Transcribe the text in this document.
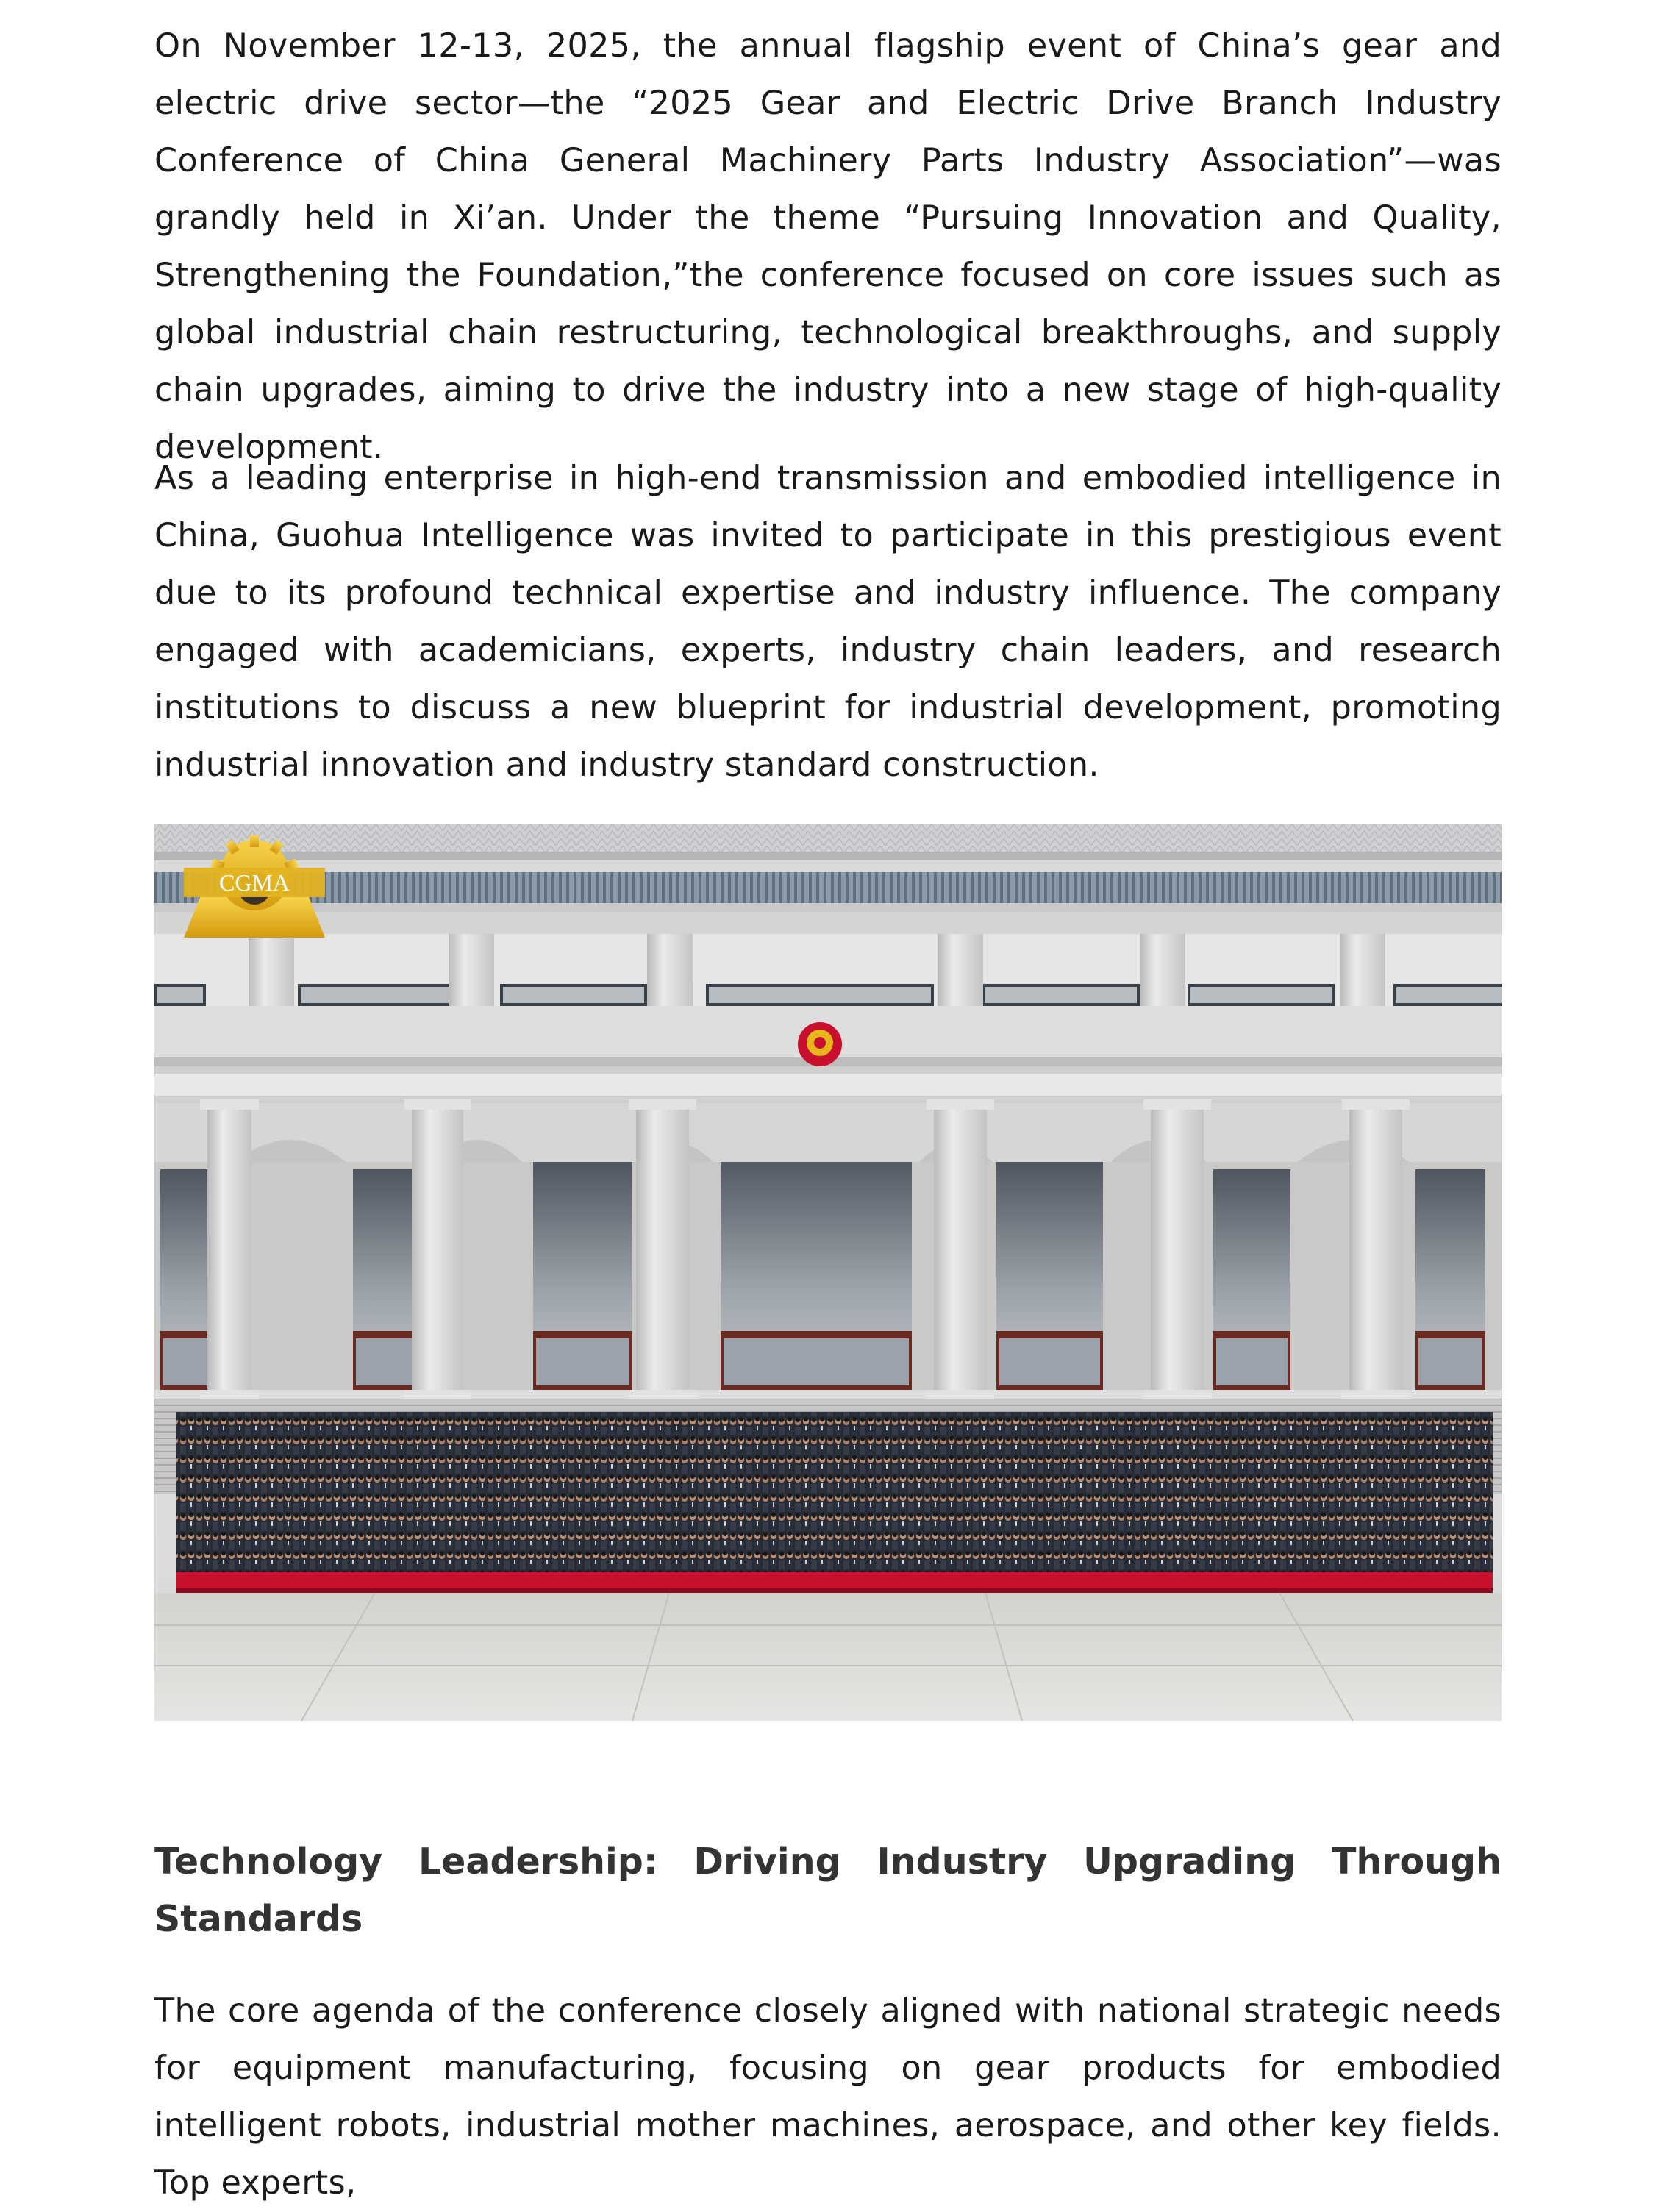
On November 12-13, 2025, the annual flagship event of China’s gear and electric drive sector—the “2025 Gear and Electric Drive Branch Industry Conference of China General Machinery Parts Industry Association”—was grandly held in Xi’an. Under the theme “Pursuing Innovation and Quality, Strengthening the Foundation,”the conference focused on core issues such as global industrial chain restructuring, technological breakthroughs, and supply chain upgrades, aiming to drive the industry into a new stage of high-quality development.

As a leading enterprise in high-end transmission and embodied intelligence in China, Guohua Intelligence was invited to participate in this prestigious event due to its profound technical expertise and industry influence. The company engaged with academicians, experts, industry chain leaders, and research institutions to discuss a new blueprint for industrial development, promoting industrial innovation and industry standard construction.

CGMA
Technology Leadership: Driving Industry Upgrading Through Standards

The core agenda of the conference closely aligned with national strategic needs for equipment manufacturing, focusing on gear products for embodied intelligent robots, industrial mother machines, aerospace, and other key fields. Top experts,
